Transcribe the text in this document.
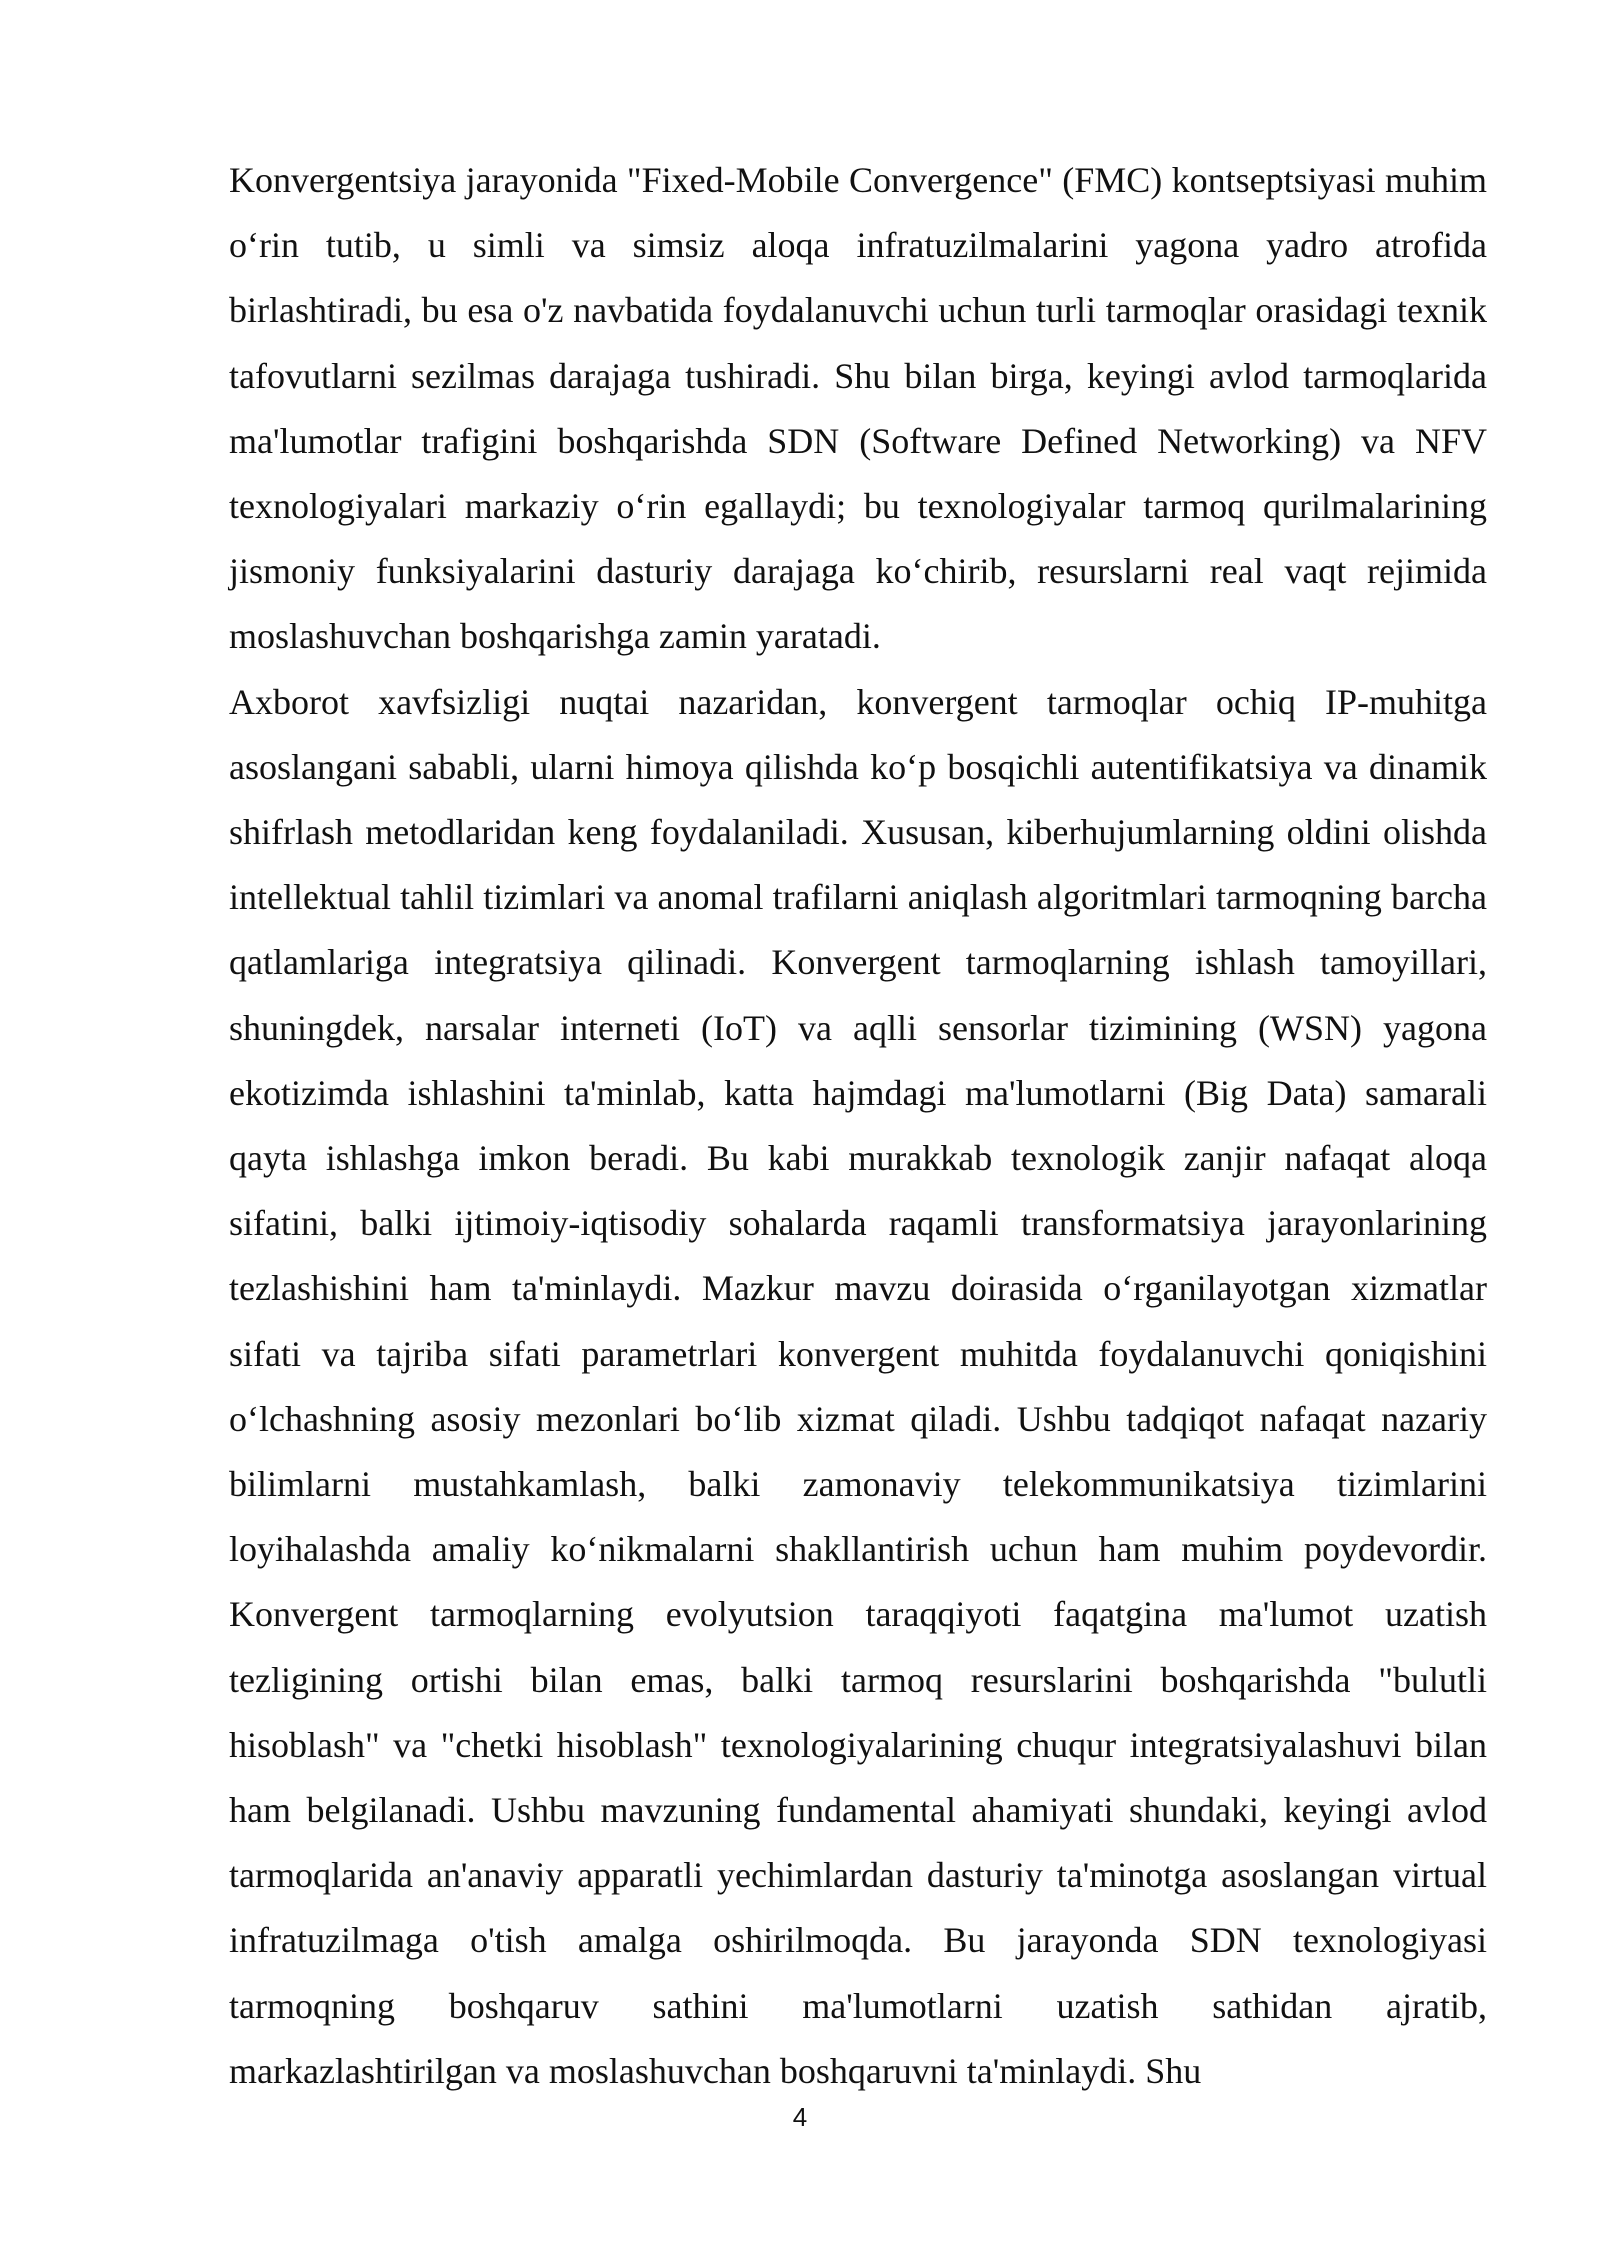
Konvergentsiya jarayonida "Fixed-Mobile Convergence" (FMC) kontseptsiyasi muhim o‘rin tutib, u simli va simsiz aloqa infratuzilmalarini yagona yadro atrofida birlashtiradi, bu esa o'z navbatida foydalanuvchi uchun turli tarmoqlar orasidagi texnik tafovutlarni sezilmas darajaga tushiradi. Shu bilan birga, keyingi avlod tarmoqlarida ma'lumotlar trafigini boshqarishda SDN (Software Defined Networking) va NFV texnologiyalari markaziy o‘rin egallaydi; bu texnologiyalar tarmoq qurilmalarining jismoniy funksiyalarini dasturiy darajaga ko‘chirib, resurslarni real vaqt rejimida moslashuvchan boshqarishga zamin yaratadi.

Axborot xavfsizligi nuqtai nazaridan, konvergent tarmoqlar ochiq IP-muhitga asoslangani sababli, ularni himoya qilishda ko‘p bosqichli autentifikatsiya va dinamik shifrlash metodlaridan keng foydalaniladi. Xususan, kiberhujumlarning oldini olishda intellektual tahlil tizimlari va anomal trafilarni aniqlash algoritmlari tarmoqning barcha qatlamlariga integratsiya qilinadi. Konvergent tarmoqlarning ishlash tamoyillari, shuningdek, narsalar interneti (IoT) va aqlli sensorlar tizimining (WSN) yagona ekotizimda ishlashini ta'minlab, katta hajmdagi ma'lumotlarni (Big Data) samarali qayta ishlashga imkon beradi. Bu kabi murakkab texnologik zanjir nafaqat aloqa sifatini, balki ijtimoiy-iqtisodiy sohalarda raqamli transformatsiya jarayonlarining tezlashishini ham ta'minlaydi. Mazkur mavzu doirasida o‘rganilayotgan xizmatlar sifati va tajriba sifati parametrlari konvergent muhitda foydalanuvchi qoniqishini o‘lchashning asosiy mezonlari bo‘lib xizmat qiladi. Ushbu tadqiqot nafaqat nazariy bilimlarni mustahkamlash, balki zamonaviy telekommunikatsiya tizimlarini loyihalashda amaliy ko‘nikmalarni shakllantirish uchun ham muhim poydevordir. Konvergent tarmoqlarning evolyutsion taraqqiyoti faqatgina ma'lumot uzatish tezligining ortishi bilan emas, balki tarmoq resurslarini boshqarishda "bulutli hisoblash" va "chetki hisoblash" texnologiyalarining chuqur integratsiyalashuvi bilan ham belgilanadi. Ushbu mavzuning fundamental ahamiyati shundaki, keyingi avlod tarmoqlarida an'anaviy apparatli yechimlardan dasturiy ta'minotga asoslangan virtual infratuzilmaga o'tish amalga oshirilmoqda. Bu jarayonda SDN texnologiyasi tarmoqning boshqaruv sathini ma'lumotlarni uzatish sathidan ajratib, markazlashtirilgan va moslashuvchan boshqaruvni ta'minlaydi. Shu

4
